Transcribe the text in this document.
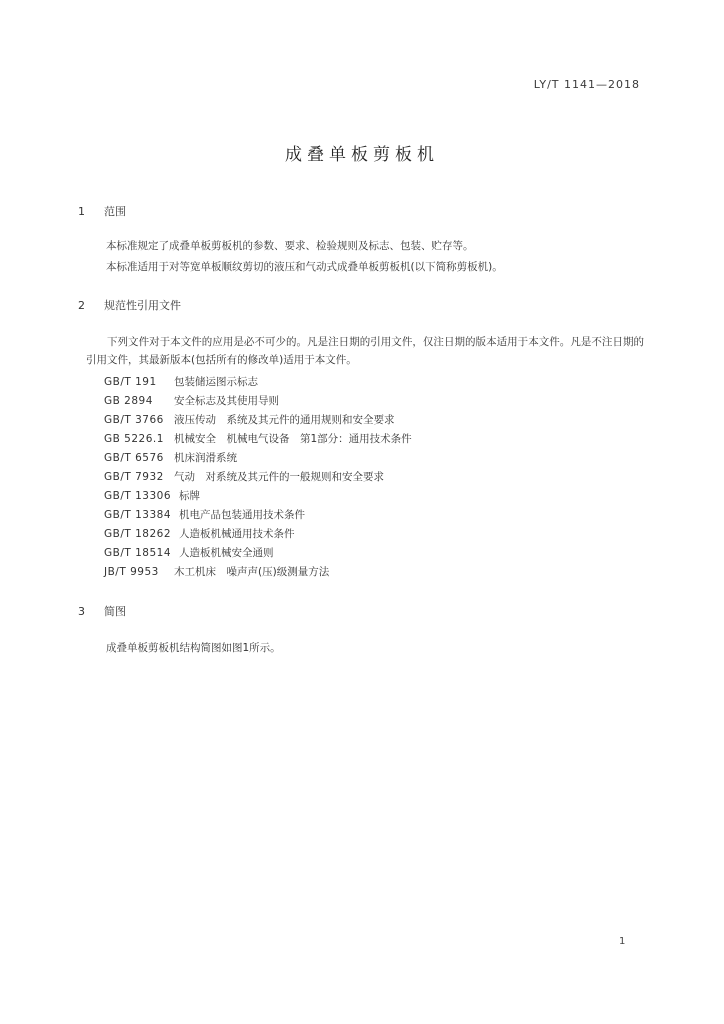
LY/T 1141—2018
成叠单板剪板机
1 范围
本标准规定了成叠单板剪板机的参数、要求、检验规则及标志、包装、贮存等。
本标准适用于对等宽单板顺纹剪切的液压和气动式成叠单板剪板机(以下简称剪板机)。
2 规范性引用文件

下列文件对于本文件的应用是必不可少的。凡是注日期的引用文件，仅注日期的版本适用于本文件。凡是不注日期的引用文件，其最新版本(包括所有的修改单)适用于本文件。

GB/T 191 包装储运图示标志
GB 2894 安全标志及其使用导则
GB/T 3766 液压传动　系统及其元件的通用规则和安全要求
GB 5226.1 机械安全　机械电气设备　第1部分：通用技术条件
GB/T 6576 机床润滑系统
GB/T 7932 气动　对系统及其元件的一般规则和安全要求
GB/T 13306 标牌
GB/T 13384 机电产品包装通用技术条件
GB/T 18262 人造板机械通用技术条件
GB/T 18514 人造板机械安全通则
JB/T 9953 木工机床　噪声声(压)级测量方法
3 简图
成叠单板剪板机结构简图如图1所示。
1
